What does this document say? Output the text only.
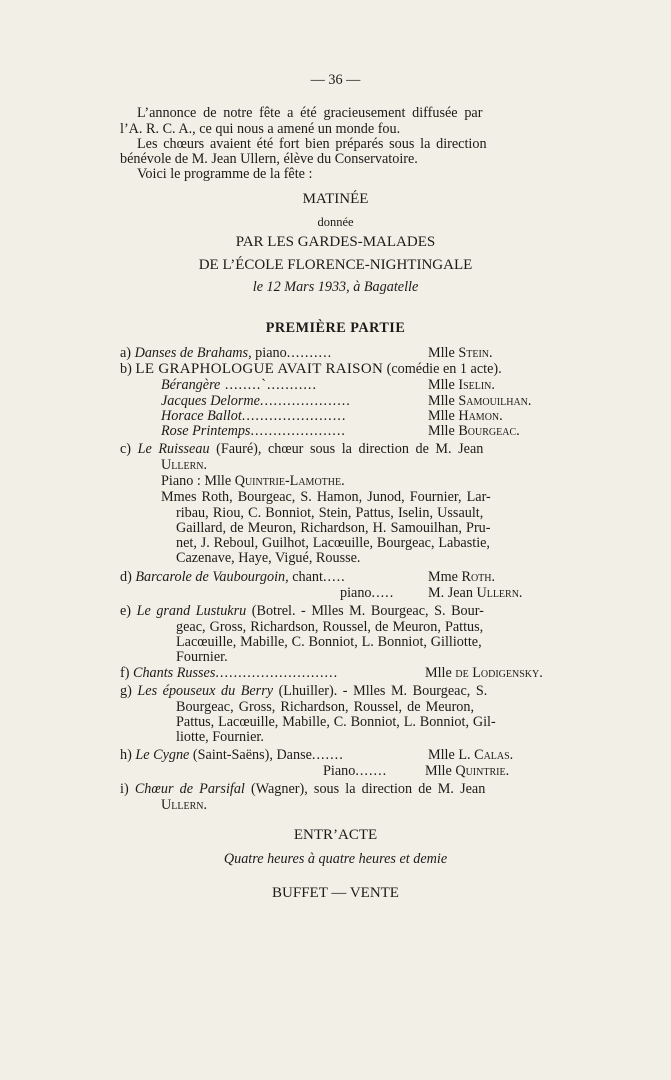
— 36 —
L’annonce de notre fête a été gracieusement diffusée par
l’A. R. C. A., ce qui nous a amené un monde fou.
Les chœurs avaient été fort bien préparés sous la direction
bénévole de M. Jean Ullern, élève du Conservatoire.
Voici le programme de la fête :
MATINÉE
donnée
PAR LES GARDES-MALADES
DE L’ÉCOLE FLORENCE-NIGHTINGALE
le 12 Mars 1933, à Bagatelle
PREMIÈRE PARTIE
a) Danses de Brahams, piano..........	Mlle Stein.
b) LE GRAPHOLOGUE AVAIT RAISON (comédie en 1 acte).
Bérangère ........`...........	Mlle Iselin.
Jacques Delorme....................	Mlle Samouilhan.
Horace Ballot.......................	Mlle Hamon.
Rose Printemps.....................	Mlle Bourgeac.
c) Le Ruisseau (Fauré), chœur sous la direction de M. Jean
Ullern.
Piano : Mlle Quintrie-Lamothe.
Mmes Roth, Bourgeac, S. Hamon, Junod, Fournier, Lar-
ribau, Riou, C. Bonniot, Stein, Pattus, Iselin, Ussault,
Gaillard, de Meuron, Richardson, H. Samouilhan, Pru-
net, J. Reboul, Guilhot, Lacœuille, Bourgeac, Labastie,
Cazenave, Haye, Vigué, Rousse.
d) Barcarole de Vaubourgoin, chant.....	Mme Roth.
piano..... M. Jean Ullern.
e) Le grand Lustukru (Botrel. - Mlles M. Bourgeac, S. Bour-
geac, Gross, Richardson, Roussel, de Meuron, Pattus,
Lacœuille, Mabille, C. Bonniot, L. Bonniot, Gilliotte,
Fournier.
f) Chants Russes...........................	Mlle de Lodigensky.
g) Les épouseux du Berry (Lhuiller). - Mlles M. Bourgeac, S.
Bourgeac, Gross, Richardson, Roussel, de Meuron,
Pattus, Lacœuille, Mabille, C. Bonniot, L. Bonniot, Gil-
liotte, Fournier.
h) Le Cygne (Saint-Saëns), Danse.......	Mlle L. Calas.
Piano.......	Mlle Quintrie.
i) Chœur de Parsifal (Wagner), sous la direction de M. Jean
Ullern.
ENTR’ACTE
Quatre heures à quatre heures et demie
BUFFET — VENTE
